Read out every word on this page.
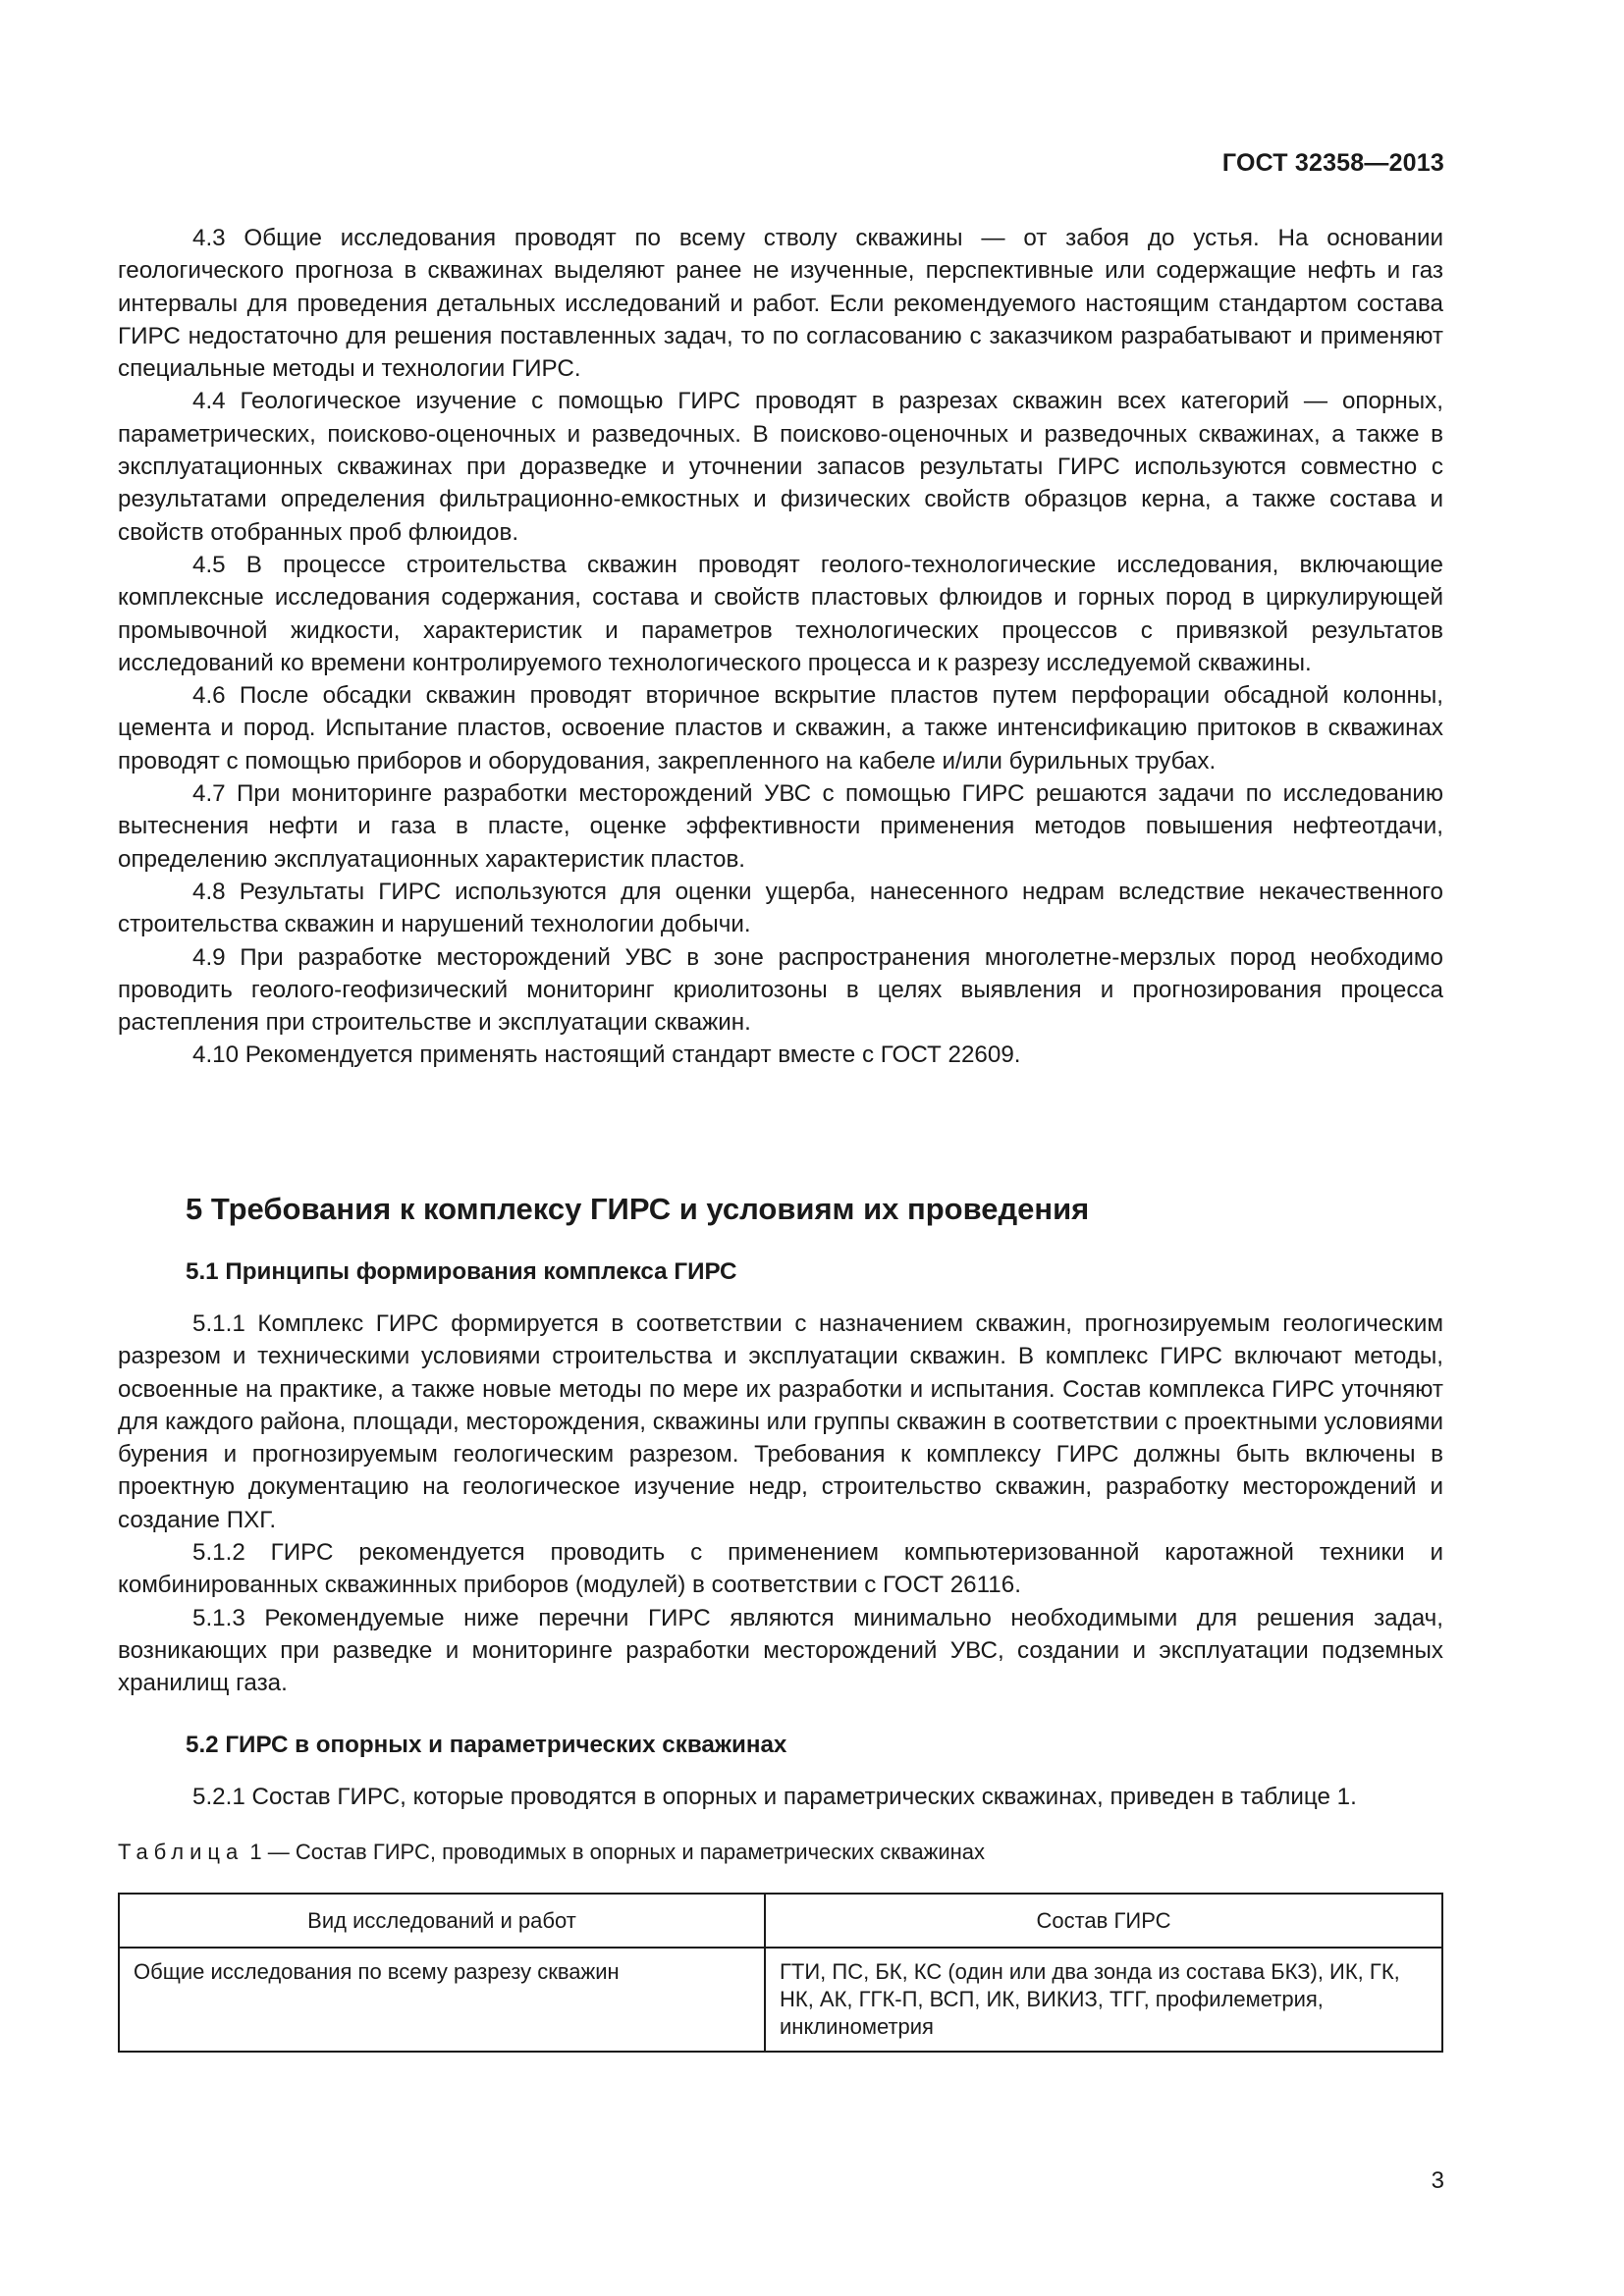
ГОСТ 32358—2013

4.3 Общие исследования проводят по всему стволу скважины — от забоя до устья. На основании геологического прогноза в скважинах выделяют ранее не изученные, перспективные или содержащие нефть и газ интервалы для проведения детальных исследований и работ. Если рекомендуемого настоящим стандартом состава ГИРС недостаточно для решения поставленных задач, то по согласованию с заказчиком разрабатывают и применяют специальные методы и технологии ГИРС.

4.4 Геологическое изучение с помощью ГИРС проводят в разрезах скважин всех категорий — опорных, параметрических, поисково-оценочных и разведочных. В поисково-оценочных и разведочных скважинах, а также в эксплуатационных скважинах при доразведке и уточнении запасов результаты ГИРС используются совместно с результатами определения фильтрационно-емкостных и физических свойств образцов керна, а также состава и свойств отобранных проб флюидов.

4.5 В процессе строительства скважин проводят геолого-технологические исследования, включающие комплексные исследования содержания, состава и свойств пластовых флюидов и горных пород в циркулирующей промывочной жидкости, характеристик и параметров технологических процессов с привязкой результатов исследований ко времени контролируемого технологического процесса и к разрезу исследуемой скважины.

4.6 После обсадки скважин проводят вторичное вскрытие пластов путем перфорации обсадной колонны, цемента и пород. Испытание пластов, освоение пластов и скважин, а также интенсификацию притоков в скважинах проводят с помощью приборов и оборудования, закрепленного на кабеле и/или бурильных трубах.

4.7 При мониторинге разработки месторождений УВС с помощью ГИРС решаются задачи по исследованию вытеснения нефти и газа в пласте, оценке эффективности применения методов повышения нефтеотдачи, определению эксплуатационных характеристик пластов.

4.8 Результаты ГИРС используются для оценки ущерба, нанесенного недрам вследствие некачественного строительства скважин и нарушений технологии добычи.

4.9 При разработке месторождений УВС в зоне распространения многолетне-мерзлых пород необходимо проводить геолого-геофизический мониторинг криолитозоны в целях выявления и прогнозирования процесса растепления при строительстве и эксплуатации скважин.

4.10 Рекомендуется применять настоящий стандарт вместе с ГОСТ 22609.

5 Требования к комплексу ГИРС и условиям их проведения
5.1 Принципы формирования комплекса ГИРС

5.1.1 Комплекс ГИРС формируется в соответствии с назначением скважин, прогнозируемым геологическим разрезом и техническими условиями строительства и эксплуатации скважин. В комплекс ГИРС включают методы, освоенные на практике, а также новые методы по мере их разработки и испытания. Состав комплекса ГИРС уточняют для каждого района, площади, месторождения, скважины или группы скважин в соответствии с проектными условиями бурения и прогнозируемым геологическим разрезом. Требования к комплексу ГИРС должны быть включены в проектную документацию на геологическое изучение недр, строительство скважин, разработку месторождений и создание ПХГ.

5.1.2 ГИРС рекомендуется проводить с применением компьютеризованной каротажной техники и комбинированных скважинных приборов (модулей) в соответствии с ГОСТ 26116.

5.1.3 Рекомендуемые ниже перечни ГИРС являются минимально необходимыми для решения задач, возникающих при разведке и мониторинге разработки месторождений УВС, создании и эксплуатации подземных хранилищ газа.

5.2 ГИРС в опорных и параметрических скважинах

5.2.1 Состав ГИРС, которые проводятся в опорных и параметрических скважинах, приведен в таблице 1.

Таблица 1 — Состав ГИРС, проводимых в опорных и параметрических скважинах
Вид исследований и работ	Состав ГИРС
Общие исследования по всему разрезу скважин	ГТИ, ПС, БК, КС (один или два зонда из состава БКЗ), ИК, ГК, НК, АК, ГГК-П, ВСП, ИК, ВИКИЗ, ТГГ, профилеметрия, инклинометрия
3
